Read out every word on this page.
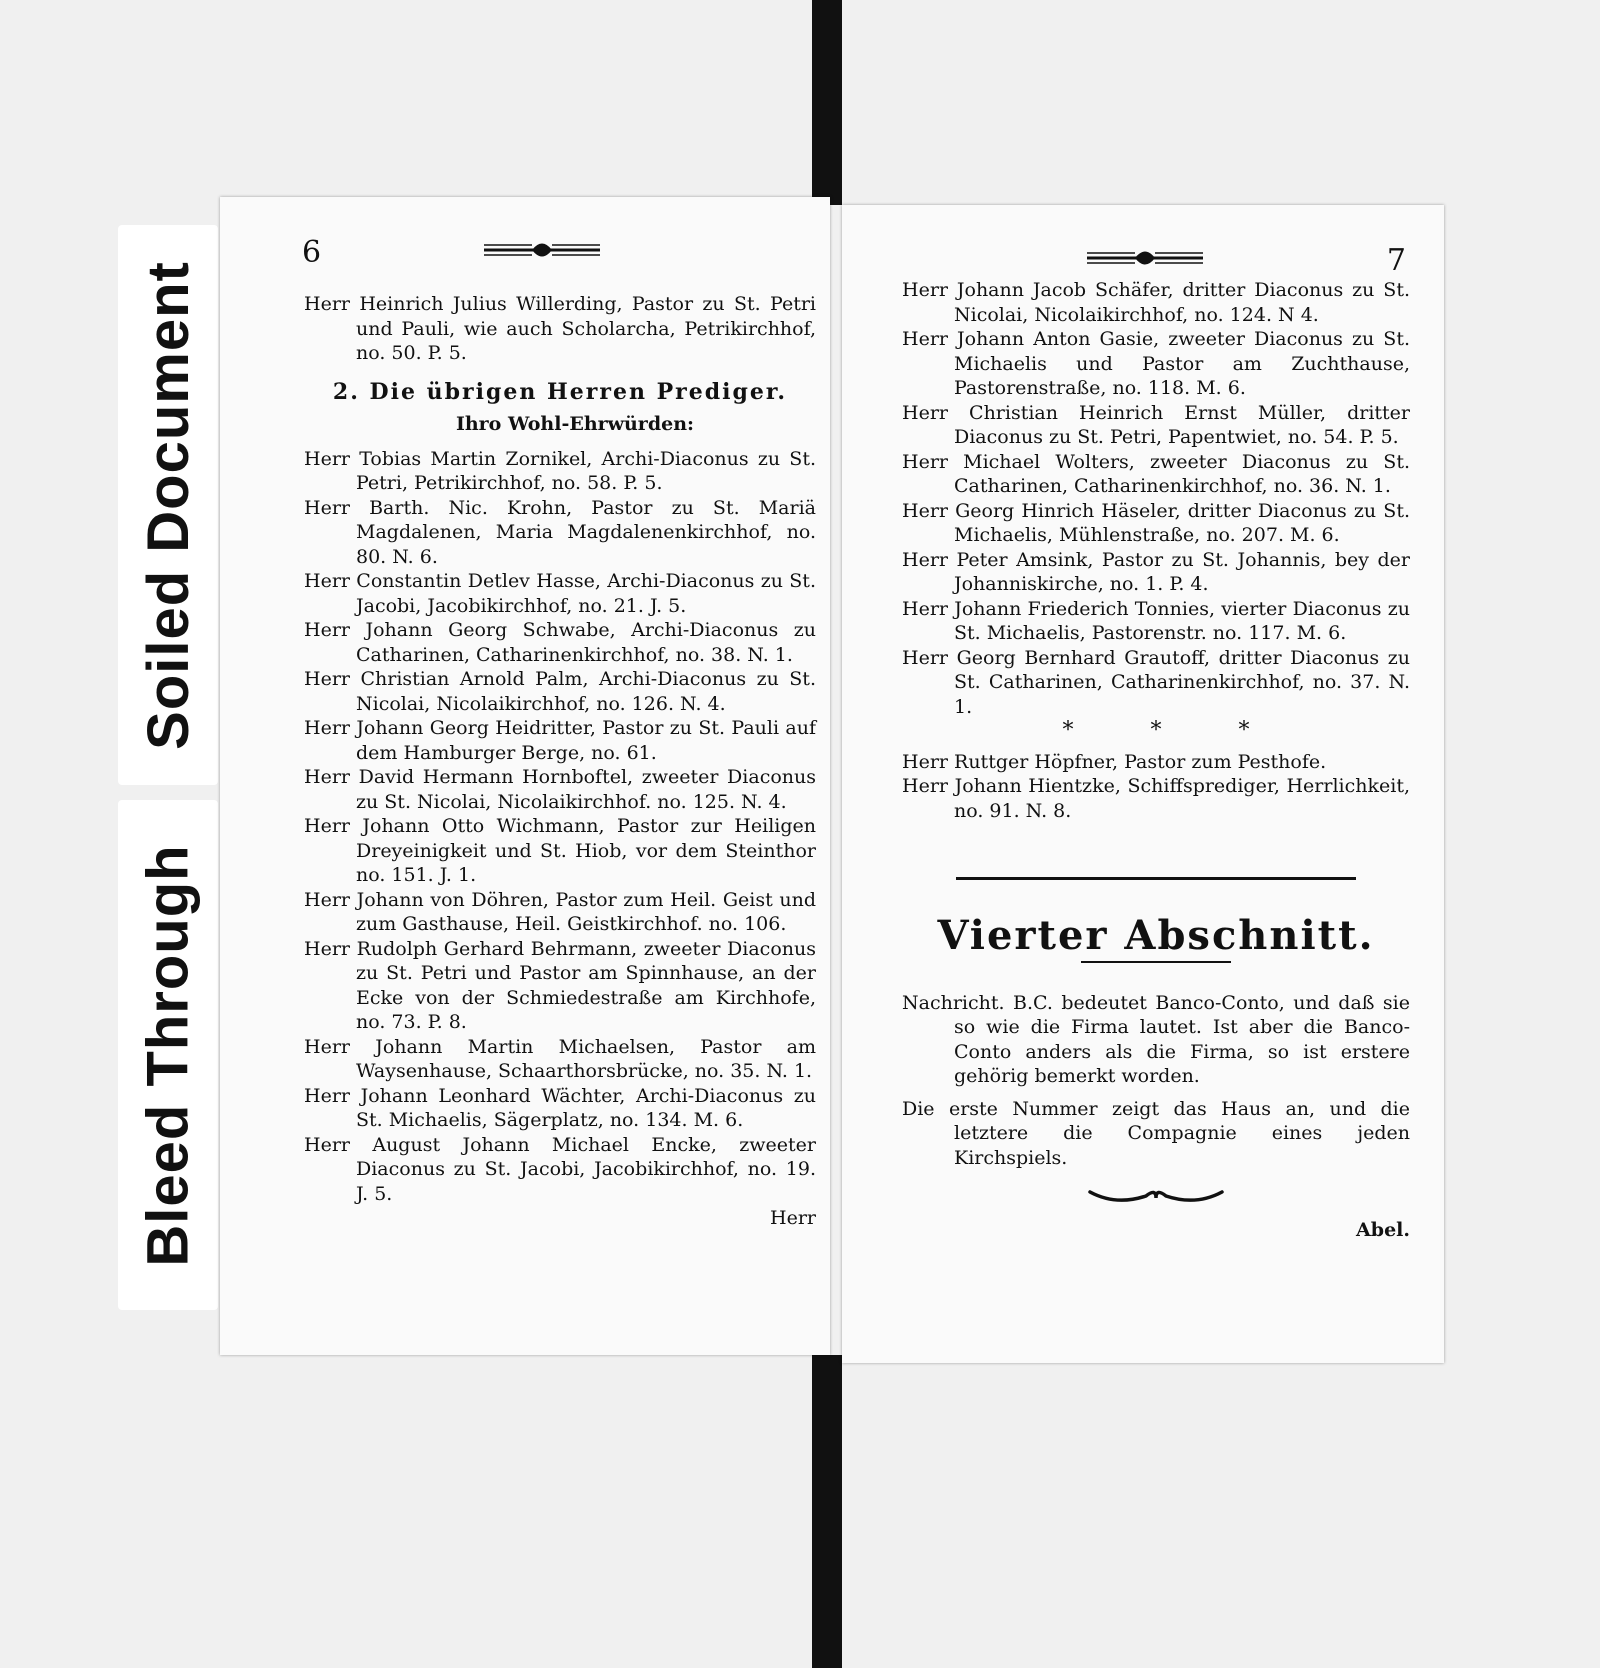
Soiled Document
Bleed Through
6

Herr Heinrich Julius Willerding, Pastor zu St. Petri und Pauli, wie auch Scholarcha, Petrikirchhof, no. 50. P. 5.

2. Die übrigen Herren Prediger.

Ihro Wohl-Ehrwürden:

Herr Tobias Martin Zornikel, Archi-Diaconus zu St. Petri, Petrikirchhof, no. 58. P. 5.

Herr Barth. Nic. Krohn, Pastor zu St. Mariä Magdalenen, Maria Magdalenenkirchhof, no. 80. N. 6.

Herr Constantin Detlev Hasse, Archi-Diaconus zu St. Jacobi, Jacobikirchhof, no. 21. J. 5.

Herr Johann Georg Schwabe, Archi-Diaconus zu Catharinen, Catharinenkirchhof, no. 38. N. 1.

Herr Christian Arnold Palm, Archi-Diaconus zu St. Nicolai, Nicolaikirchhof, no. 126. N. 4.

Herr Johann Georg Heidritter, Pastor zu St. Pauli auf dem Hamburger Berge, no. 61.

Herr David Hermann Hornboftel, zweeter Diaconus zu St. Nicolai, Nicolaikirchhof. no. 125. N. 4.

Herr Johann Otto Wichmann, Pastor zur Heiligen Dreyeinigkeit und St. Hiob, vor dem Steinthor no. 151. J. 1.

Herr Johann von Döhren, Pastor zum Heil. Geist und zum Gasthause, Heil. Geistkirchhof. no. 106.

Herr Rudolph Gerhard Behrmann, zweeter Diaconus zu St. Petri und Pastor am Spinnhause, an der Ecke von der Schmiedestraße am Kirchhofe, no. 73. P. 8.

Herr Johann Martin Michaelsen, Pastor am Waysenhause, Schaarthorsbrücke, no. 35. N. 1.

Herr Johann Leonhard Wächter, Archi-Diaconus zu St. Michaelis, Sägerplatz, no. 134. M. 6.

Herr August Johann Michael Encke, zweeter Diaconus zu St. Jacobi, Jacobikirchhof, no. 19. J. 5.

Herr

7

Herr Johann Jacob Schäfer, dritter Diaconus zu St. Nicolai, Nicolaikirchhof, no. 124. N 4.

Herr Johann Anton Gasie, zweeter Diaconus zu St. Michaelis und Pastor am Zuchthause, Pastorenstraße, no. 118. M. 6.

Herr Christian Heinrich Ernst Müller, dritter Diaconus zu St. Petri, Papentwiet, no. 54. P. 5.

Herr Michael Wolters, zweeter Diaconus zu St. Catharinen, Catharinenkirchhof, no. 36. N. 1.

Herr Georg Hinrich Häseler, dritter Diaconus zu St. Michaelis, Mühlenstraße, no. 207. M. 6.

Herr Peter Amsink, Pastor zu St. Johannis, bey der Johanniskirche, no. 1. P. 4.

Herr Johann Friederich Tonnies, vierter Diaconus zu St. Michaelis, Pastorenstr. no. 117. M. 6.

Herr Georg Bernhard Grautoff, dritter Diaconus zu St. Catharinen, Catharinenkirchhof, no. 37. N. 1.

* * *

Herr Ruttger Höpfner, Pastor zum Pesthofe.

Herr Johann Hientzke, Schiffsprediger, Herrlichkeit, no. 91. N. 8.

Vierter Abschnitt.

Nachricht. B.C. bedeutet Banco-Conto, und daß sie so wie die Firma lautet. Ist aber die Banco-Conto anders als die Firma, so ist erstere gehörig bemerkt worden.

Die erste Nummer zeigt das Haus an, und die letztere die Compagnie eines jeden Kirchspiels.

Abel.
